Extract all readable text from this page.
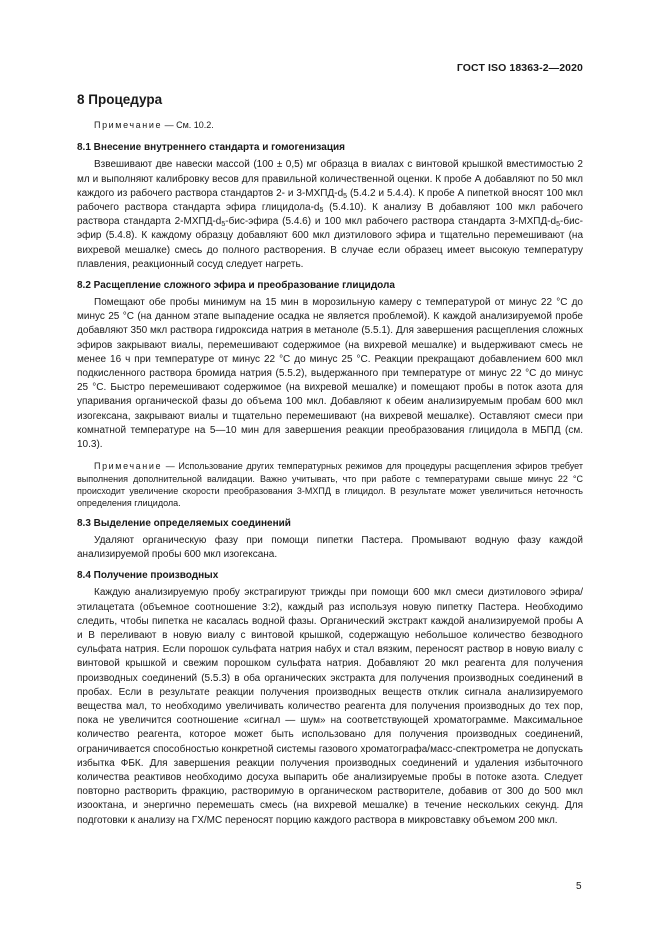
ГОСТ ISO 18363-2—2020
8 Процедура

Примечание — См. 10.2.

8.1 Внесение внутреннего стандарта и гомогенизация

Взвешивают две навески массой (100 ± 0,5) мг образца в виалах с винтовой крышкой вместимостью 2 мл и выполняют калибровку весов для правильной количественной оценки. К пробе А добавляют по 50 мкл каждого из рабочего раствора стандартов 2- и $3-МХПД-d_5$ (5.4.2 и 5.4.4). К пробе А пипеткой вносят 100 мкл рабочего раствора стандарта эфира глицидола-$d_5$ (5.4.10). К анализу В добавляют 100 мкл рабочего раствора стандарта $2-МХПД-d_5-бис$-эфира (5.4.6) и 100 мкл рабочего раствора стандарта $3-МХПД-d_5-бис$-эфир (5.4.8). К каждому образцу добавляют 600 мкл диэтилового эфира и тщательно перемешивают (на вихревой мешалке) смесь до полного растворения. В случае если образец имеет высокую температуру плавления, реакционный сосуд следует нагреть.

8.2 Расщепление сложного эфира и преобразование глицидола

Помещают обе пробы минимум на 15 мин в морозильную камеру с температурой от минус 22 °С до минус 25 °С (на данном этапе выпадение осадка не является проблемой). К каждой анализируемой пробе добавляют 350 мкл раствора гидроксида натрия в метаноле (5.5.1). Для завершения расщепления сложных эфиров закрывают виалы, перемешивают содержимое (на вихревой мешалке) и выдерживают смесь не менее 16 ч при температуре от минус 22 °С до минус 25 °С. Реакции прекращают добавлением 600 мкл подкисленного раствора бромида натрия (5.5.2), выдержанного при температуре от минус 22 °С до минус 25 °С. Быстро перемешивают содержимое (на вихревой мешалке) и помещают пробы в поток азота для упаривания органической фазы до объема 100 мкл. Добавляют к обеим анализируемым пробам 600 мкл изогексана, закрывают виалы и тщательно перемешивают (на вихревой мешалке). Оставляют смеси при комнатной температуре на 5—10 мин для завершения реакции преобразования глицидола в МБПД (см. 10.3).

Примечание — Использование других температурных режимов для процедуры расщепления эфиров требует выполнения дополнительной валидации. Важно учитывать, что при работе с температурами свыше минус 22 °С происходит увеличение скорости преобразования 3-МХПД в глицидол. В результате может увеличиться неточность определения глицидола.

8.3 Выделение определяемых соединений

Удаляют органическую фазу при помощи пипетки Пастера. Промывают водную фазу каждой анализируемой пробы 600 мкл изогексана.

8.4 Получение производных

Каждую анализируемую пробу экстрагируют трижды при помощи 600 мкл смеси диэтилового эфира/этилацетата (объемное соотношение 3:2), каждый раз используя новую пипетку Пастера. Необходимо следить, чтобы пипетка не касалась водной фазы. Органический экстракт каждой анализируемой пробы А и В переливают в новую виалу с винтовой крышкой, содержащую небольшое количество безводного сульфата натрия. Если порошок сульфата натрия набух и стал вязким, переносят раствор в новую виалу с винтовой крышкой и свежим порошком сульфата натрия. Добавляют 20 мкл реагента для получения производных соединений (5.5.3) в оба органических экстракта для получения производных соединений в пробах. Если в результате реакции получения производных веществ отклик сигнала анализируемого вещества мал, то необходимо увеличивать количество реагента для получения производных до тех пор, пока не увеличится соотношение «сигнал — шум» на соответствующей хроматограмме. Максимальное количество реагента, которое может быть использовано для получения производных соединений, ограничивается способностью конкретной системы газового хроматографа/масс-спектрометра не допускать избытка ФБК. Для завершения реакции получения производных соединений и удаления избыточного количества реактивов необходимо досуха выпарить обе анализируемые пробы в потоке азота. Следует повторно растворить фракцию, растворимую в органическом растворителе, добавив от 300 до 500 мкл изооктана, и энергично перемешать смесь (на вихревой мешалке) в течение нескольких секунд. Для подготовки к анализу на ГХ/МС переносят порцию каждого раствора в микровставку объемом 200 мкл.

5
